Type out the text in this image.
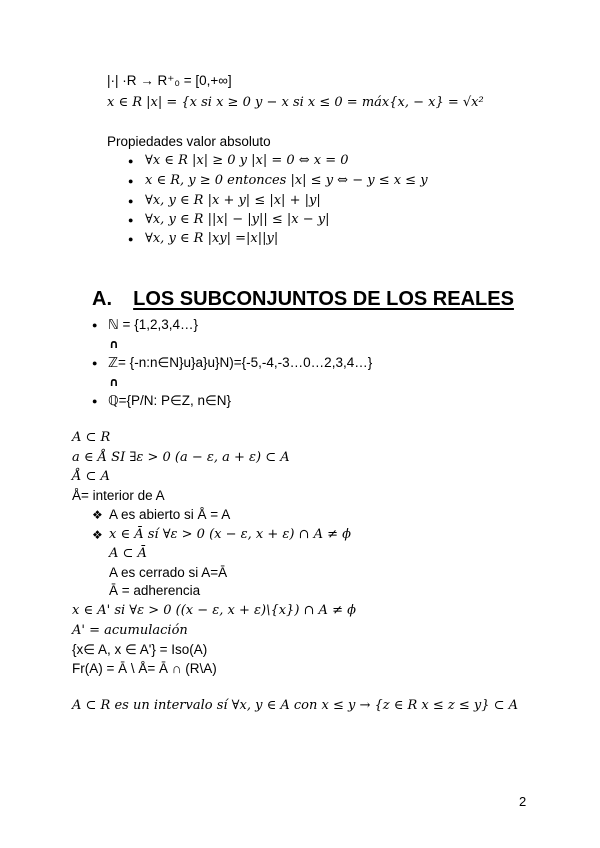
|·| ·R → R⁺₀ = [0,+∞]
x ∈ R |x| = {x si x ≥ 0 y − x si x ≤ 0 = máx{x, − x} = √x²
Propiedades valor absoluto
● ∀x ∈ R |x| ≥ 0 y |x| = 0 ⇔ x = 0
● x ∈ R, y ≥ 0 entonces |x| ≤ y ⇔ − y ≤ x ≤ y
● ∀x, y ∈ R |x + y| ≤ |x| + |y|
● ∀x, y ∈ R ||x| − |y|| ≤ |x − y|
● ∀x, y ∈ R |xy| =|x||y|
A. LOS SUBCONJUNTOS DE LOS REALES
● ℕ = {1,2,3,4…}
∩
● ℤ= {-n:n∈N}u}a}u}N)={-5,-4,-3…0…2,3,4…}
∩
● ℚ={P/N: P∈Z, n∈N}
A ⊂ R
a ∈ Å SI ∃ε > 0 (a − ε, a + ε) ⊂ A
Å ⊂ A
Å= interior de A
❖ A es abierto si Å = A
❖ x ∈ Ā sí ∀ε > 0 (x − ε, x + ε) ∩ A ≠ ϕ
A ⊂ Ā
A es cerrado si A=Ā
Ā = adherencia
x ∈ A' si ∀ε > 0 ((x − ε, x + ε)\{x}) ∩ A ≠ ϕ
A' = acumulación
{x∈ A, x ∈ A'} = Iso(A)
Fr(A) = Ā \ Å= Ā ∩ (R\A)
A ⊂ R es un intervalo sí ∀x, y ∈ A con x ≤ y → {z ∈ R x ≤ z ≤ y} ⊂ A
2
